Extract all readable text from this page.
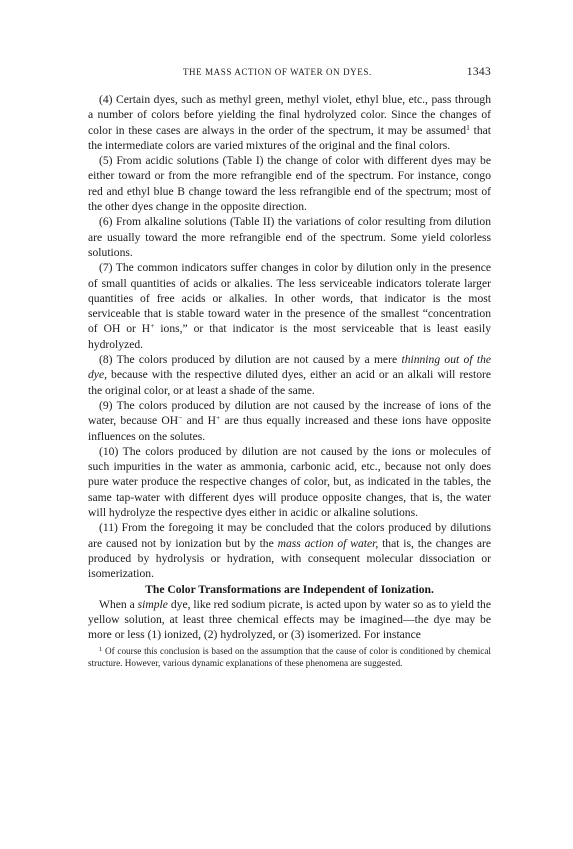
THE MASS ACTION OF WATER ON DYES.	1343

(4) Certain dyes, such as methyl green, methyl violet, ethyl blue, etc., pass through a number of colors before yielding the final hydrolyzed color. Since the changes of color in these cases are always in the order of the spectrum, it may be assumed$^1$ that the intermediate colors are varied mixtures of the original and the final colors.

(5) From acidic solutions (Table I) the change of color with different dyes may be either toward or from the more refrangible end of the spectrum. For instance, congo red and ethyl blue B change toward the less refrangible end of the spectrum; most of the other dyes change in the opposite direction.

(6) From alkaline solutions (Table II) the variations of color resulting from dilution are usually toward the more refrangible end of the spectrum. Some yield colorless solutions.

(7) The common indicators suffer changes in color by dilution only in the presence of small quantities of acids or alkalies. The less serviceable indicators tolerate larger quantities of free acids or alkalies. In other words, that indicator is the most serviceable that is stable toward water in the presence of the smallest “concentration of OH or H+ ions,” or that indicator is the most serviceable that is least easily hydrolyzed.

(8) The colors produced by dilution are not caused by a mere thinning out of the dye, because with the respective diluted dyes, either an acid or an alkali will restore the original color, or at least a shade of the same.

(9) The colors produced by dilution are not caused by the increase of ions of the water, because OH− and H+ are thus equally increased and these ions have opposite influences on the solutes.

(10) The colors produced by dilution are not caused by the ions or molecules of such impurities in the water as ammonia, carbonic acid, etc., because not only does pure water produce the respective changes of color, but, as indicated in the tables, the same tap-water with different dyes will produce opposite changes, that is, the water will hydrolyze the respective dyes either in acidic or alkaline solutions.

(11) From the foregoing it may be concluded that the colors produced by dilutions are caused not by ionization but by the mass action of water, that is, the changes are produced by hydrolysis or hydration, with consequent molecular dissociation or isomerization.

The Color Transformations are Independent of Ionization.

When a simple dye, like red sodium picrate, is acted upon by water so as to yield the yellow solution, at least three chemical effects may be imagined—the dye may be more or less (1) ionized, (2) hydrolyzed, or (3) isomerized. For instance

$^1$ Of course this conclusion is based on the assumption that the cause of color is conditioned by chemical structure. However, various dynamic explanations of these phenomena are suggested.
